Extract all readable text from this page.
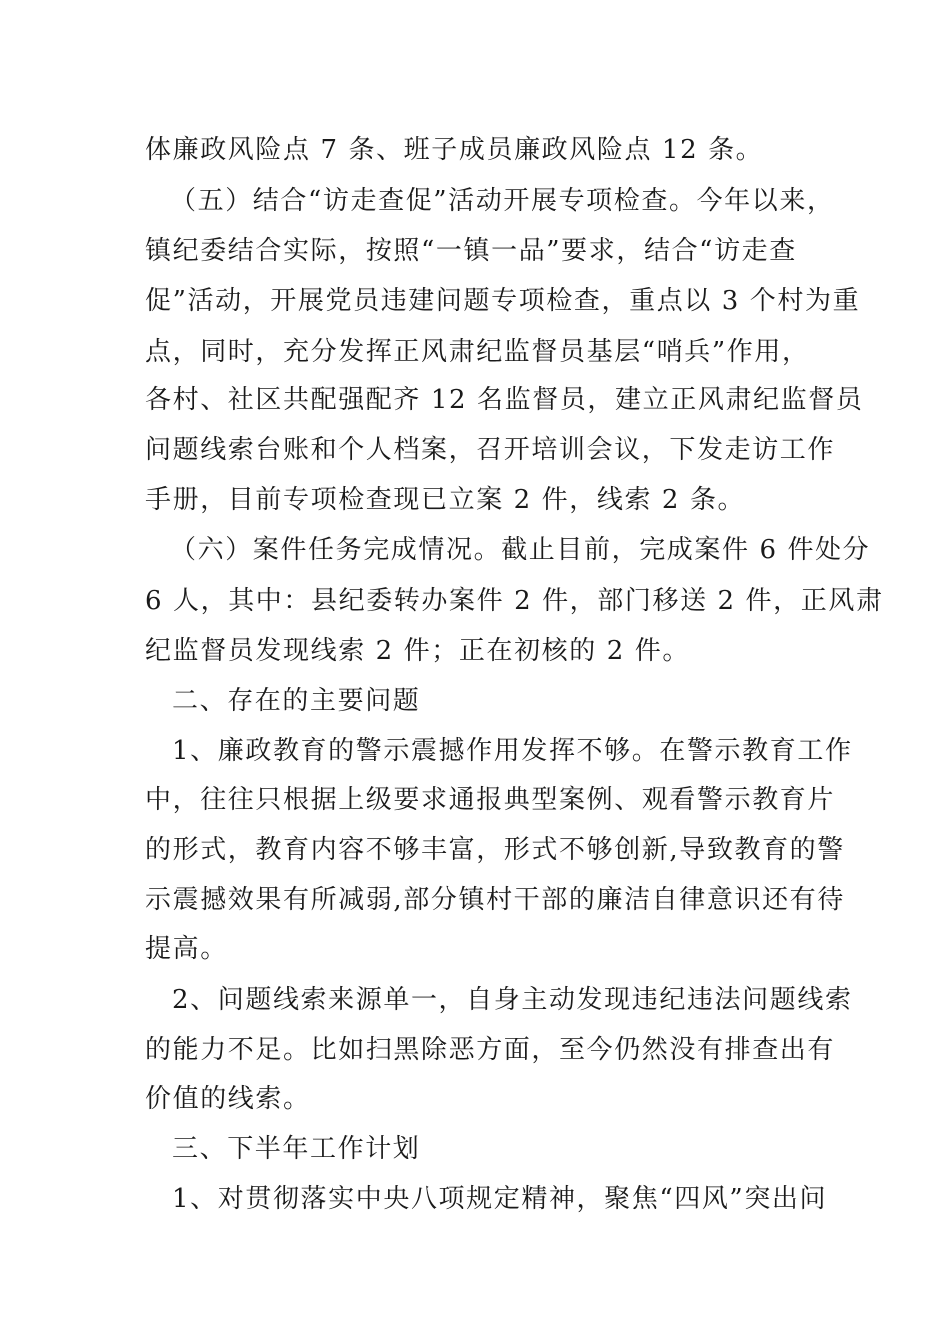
体廉政风险点 7 条、班子成员廉政风险点 12 条。
（五）结合“访走查促”活动开展专项检查。今年以来，
镇纪委结合实际，按照“一镇一品”要求，结合“访走查
促”活动，开展党员违建问题专项检查，重点以 3 个村为重
点，同时，充分发挥正风肃纪监督员基层“哨兵”作用，
各村、社区共配强配齐 12 名监督员，建立正风肃纪监督员
问题线索台账和个人档案，召开培训会议，下发走访工作
手册，目前专项检查现已立案 2 件，线索 2 条。
（六）案件任务完成情况。截止目前，完成案件 6 件处分
6 人，其中：县纪委转办案件 2 件，部门移送 2 件，正风肃
纪监督员发现线索 2 件；正在初核的 2 件。
二、存在的主要问题
1、廉政教育的警示震撼作用发挥不够。在警示教育工作
中，往往只根据上级要求通报典型案例、观看警示教育片
的形式，教育内容不够丰富，形式不够创新,导致教育的警
示震撼效果有所减弱,部分镇村干部的廉洁自律意识还有待
提高。
2、问题线索来源单一，自身主动发现违纪违法问题线索
的能力不足。比如扫黑除恶方面，至今仍然没有排查出有
价值的线索。
三、下半年工作计划
1、对贯彻落实中央八项规定精神，聚焦“四风”突出问
